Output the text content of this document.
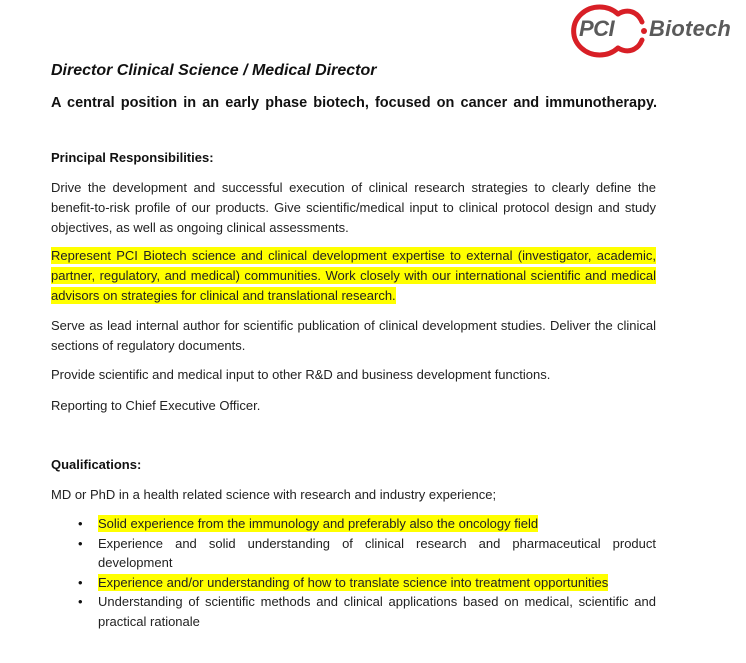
PCI Biotech
Director Clinical Science / Medical Director

A central position in an early phase biotech, focused on cancer and immunotherapy.

Principal Responsibilities:

Drive the development and successful execution of clinical research strategies to clearly define the benefit-to-risk profile of our products. Give scientific/medical input to clinical protocol design and study objectives, as well as ongoing clinical assessments.

Represent PCI Biotech science and clinical development expertise to external (investigator, academic, partner, regulatory, and medical) communities. Work closely with our international scientific and medical advisors on strategies for clinical and translational research.

Serve as lead internal author for scientific publication of clinical development studies. Deliver the clinical sections of regulatory documents.

Provide scientific and medical input to other R&D and business development functions.

Reporting to Chief Executive Officer.

Qualifications:

MD or PhD in a health related science with research and industry experience;

• Solid experience from the immunology and preferably also the oncology field
• Experience and solid understanding of clinical research and pharmaceutical product development
• Experience and/or understanding of how to translate science into treatment opportunities
• Understanding of scientific methods and clinical applications based on medical, scientific and practical rationale
